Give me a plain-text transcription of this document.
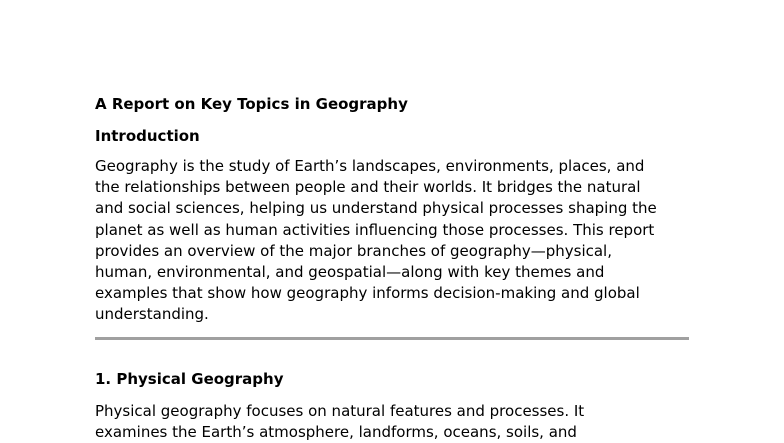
A Report on Key Topics in Geography
Introduction
Geography is the study of Earth’s landscapes, environments, places, and
the relationships between people and their worlds. It bridges the natural
and social sciences, helping us understand physical processes shaping the
planet as well as human activities influencing those processes. This report
provides an overview of the major branches of geography—physical,
human, environmental, and geospatial—along with key themes and
examples that show how geography informs decision-making and global
understanding.
1. Physical Geography
Physical geography focuses on natural features and processes. It
examines the Earth’s atmosphere, landforms, oceans, soils, and
